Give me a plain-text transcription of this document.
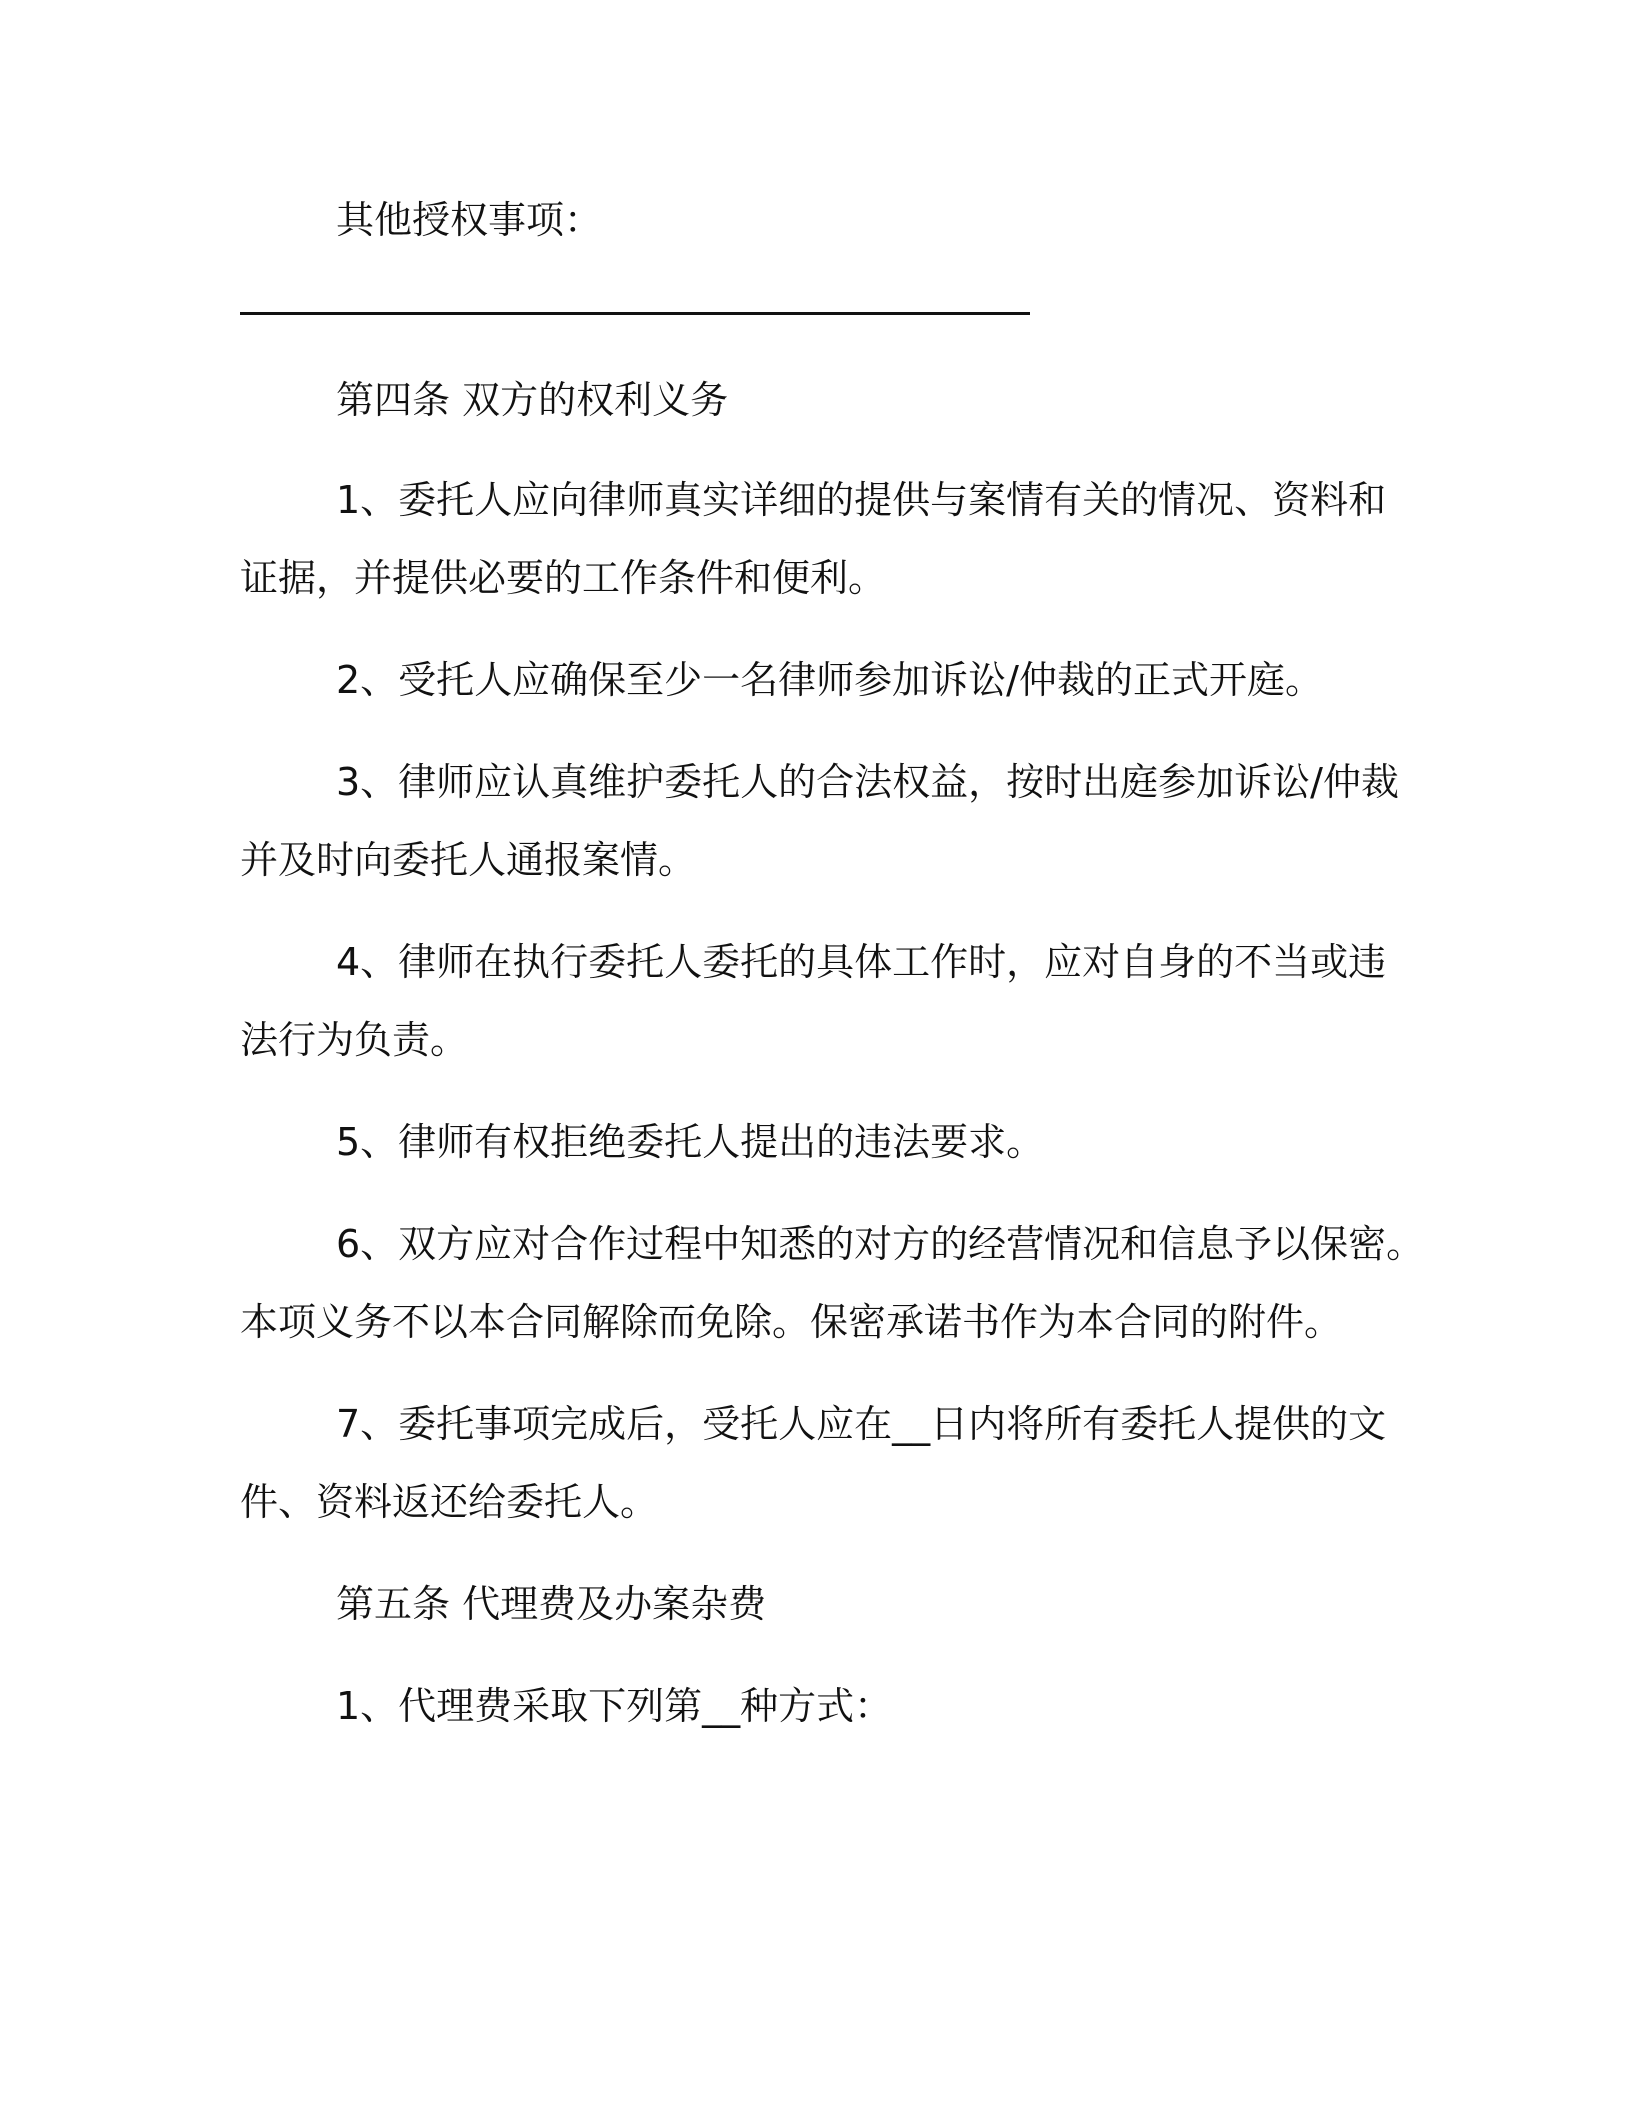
其他授权事项：
第四条 双方的权利义务
1、委托人应向律师真实详细的提供与案情有关的情况、资料和
证据，并提供必要的工作条件和便利。
2、受托人应确保至少一名律师参加诉讼/仲裁的正式开庭。
3、律师应认真维护委托人的合法权益，按时出庭参加诉讼/仲裁
并及时向委托人通报案情。
4、律师在执行委托人委托的具体工作时，应对自身的不当或违
法行为负责。
5、律师有权拒绝委托人提出的违法要求。
6、双方应对合作过程中知悉的对方的经营情况和信息予以保密。
本项义务不以本合同解除而免除。保密承诺书作为本合同的附件。
7、委托事项完成后，受托人应在__日内将所有委托人提供的文
件、资料返还给委托人。
第五条 代理费及办案杂费
1、代理费采取下列第__种方式：
